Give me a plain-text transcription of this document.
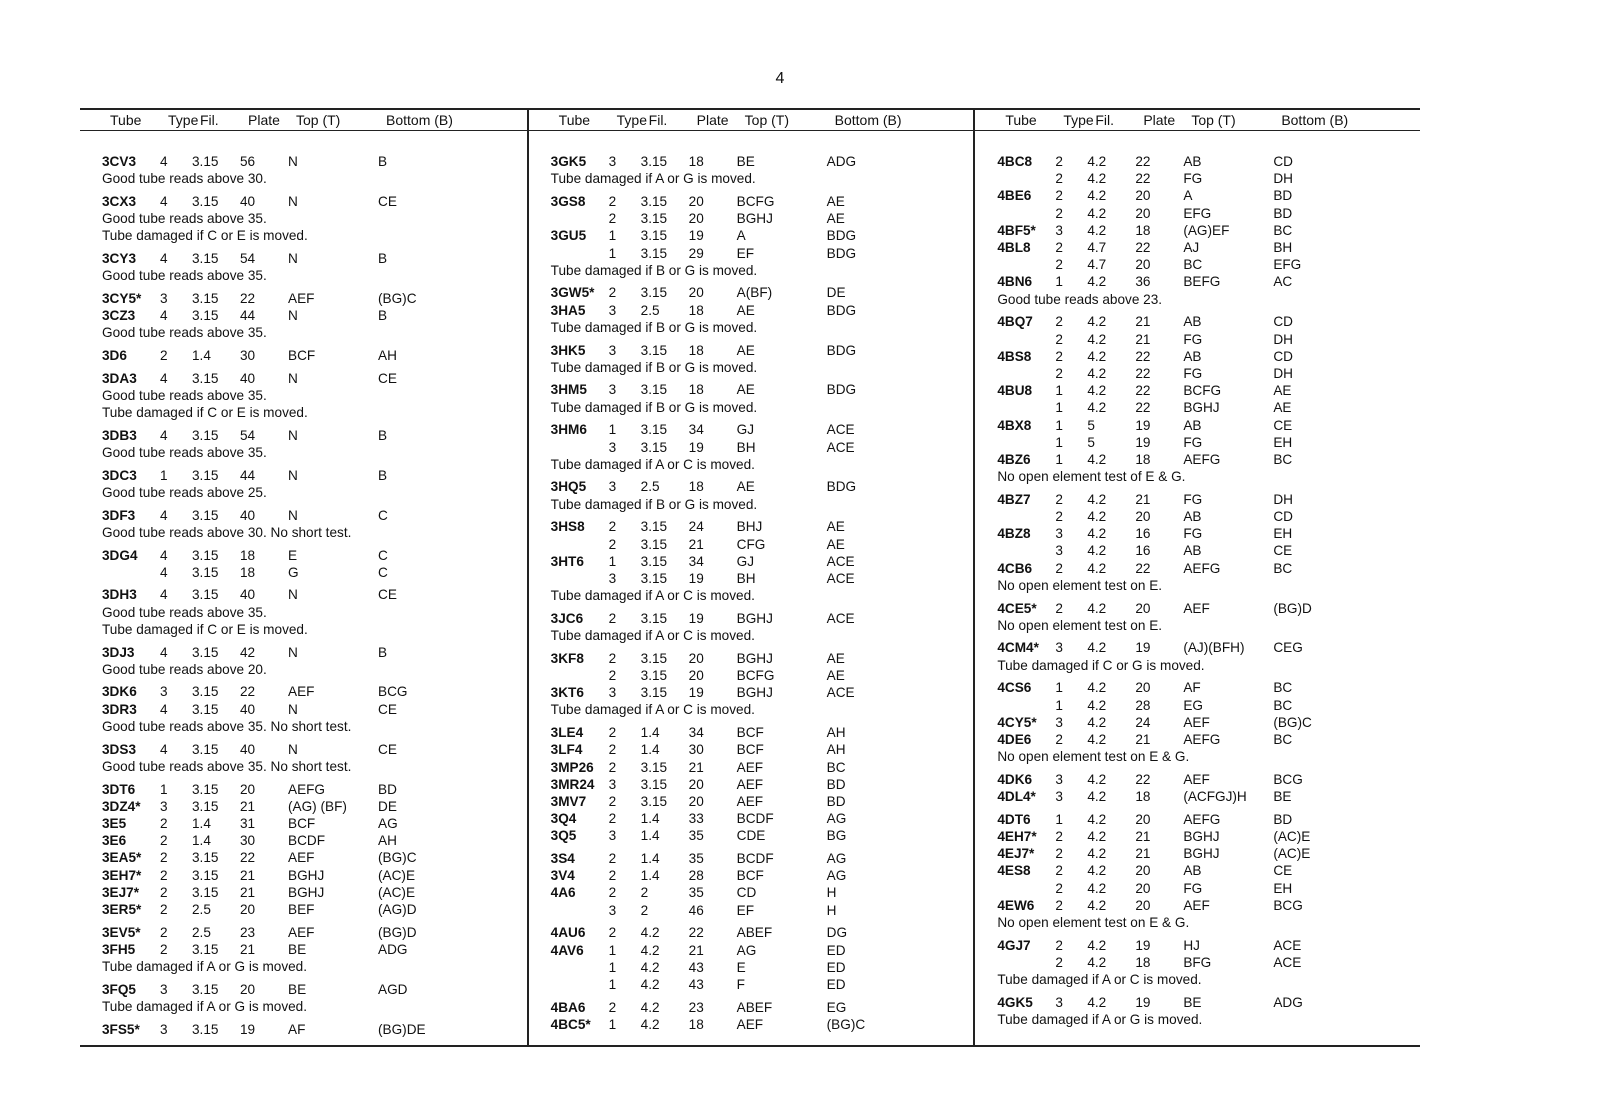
4
Tube	Type Fil.	Plate	Top (T)	Bottom (B)
3CV3	4	3.15	56	N	B
Good tube reads above 30.
3CX3	4	3.15	40	N	CE
Good tube reads above 35.
Tube damaged if C or E is moved.
3CY3	4	3.15	54	N	B
Good tube reads above 35.
3CY5*	3	3.15	22	AEF	(BG)C
3CZ3	4	3.15	44	N	B
Good tube reads above 35.
3D6	2	1.4	30	BCF	AH
3DA3	4	3.15	40	N	CE
Good tube reads above 35.
Tube damaged if C or E is moved.
3DB3	4	3.15	54	N	B
Good tube reads above 35.
3DC3	1	3.15	44	N	B
Good tube reads above 25.
3DF3	4	3.15	40	N	C
Good tube reads above 30. No short test.
3DG4	4	3.15	18	E	C
4	3.15	18	G	C
3DH3	4	3.15	40	N	CE
Good tube reads above 35.
Tube damaged if C or E is moved.
3DJ3	4	3.15	42	N	B
Good tube reads above 20.
3DK6	3	3.15	22	AEF	BCG
3DR3	4	3.15	40	N	CE
Good tube reads above 35. No short test.
3DS3	4	3.15	40	N	CE
Good tube reads above 35. No short test.
3DT6	1	3.15	20	AEFG	BD
3DZ4*	3	3.15	21	(AG) (BF)	DE
3E5	2	1.4	31	BCF	AG
3E6	2	1.4	30	BCDF	AH
3EA5*	2	3.15	22	AEF	(BG)C
3EH7*	2	3.15	21	BGHJ	(AC)E
3EJ7*	2	3.15	21	BGHJ	(AC)E
3ER5*	2	2.5	20	BEF	(AG)D
3EV5*	2	2.5	23	AEF	(BG)D
3FH5	2	3.15	21	BE	ADG
Tube damaged if A or G is moved.
3FQ5	3	3.15	20	BE	AGD
Tube damaged if A or G is moved.
3FS5*	3	3.15	19	AF	(BG)DE
Tube	Type Fil.	Plate	Top (T)	Bottom (B)
3GK5	3	3.15	18	BE	ADG
Tube damaged if A or G is moved.
3GS8	2	3.15	20	BCFG	AE
2	3.15	20	BGHJ	AE
3GU5	1	3.15	19	A	BDG
1	3.15	29	EF	BDG
Tube damaged if B or G is moved.
3GW5*	2	3.15	20	A(BF)	DE
3HA5	3	2.5	18	AE	BDG
Tube damaged if B or G is moved.
3HK5	3	3.15	18	AE	BDG
Tube damaged if B or G is moved.
3HM5	3	3.15	18	AE	BDG
Tube damaged if B or G is moved.
3HM6	1	3.15	34	GJ	ACE
3	3.15	19	BH	ACE
Tube damaged if A or C is moved.
3HQ5	3	2.5	18	AE	BDG
Tube damaged if B or G is moved.
3HS8	2	3.15	24	BHJ	AE
2	3.15	21	CFG	AE
3HT6	1	3.15	34	GJ	ACE
3	3.15	19	BH	ACE
Tube damaged if A or C is moved.
3JC6	2	3.15	19	BGHJ	ACE
Tube damaged if A or C is moved.
3KF8	2	3.15	20	BGHJ	AE
2	3.15	20	BCFG	AE
3KT6	3	3.15	19	BGHJ	ACE
Tube damaged if A or C is moved.
3LE4	2	1.4	34	BCF	AH
3LF4	2	1.4	30	BCF	AH
3MP26	2	3.15	21	AEF	BC
3MR24	3	3.15	20	AEF	BD
3MV7	2	3.15	20	AEF	BD
3Q4	2	1.4	33	BCDF	AG
3Q5	3	1.4	35	CDE	BG
3S4	2	1.4	35	BCDF	AG
3V4	2	1.4	28	BCF	AG
4A6	2	2	35	CD	H
3	2	46	EF	H
4AU6	2	4.2	22	ABEF	DG
4AV6	1	4.2	21	AG	ED
1	4.2	43	E	ED
1	4.2	43	F	ED
4BA6	2	4.2	23	ABEF	EG
4BC5*	1	4.2	18	AEF	(BG)C
Tube	Type Fil.	Plate	Top (T)	Bottom (B)
4BC8	2	4.2	22	AB	CD
2	4.2	22	FG	DH
4BE6	2	4.2	20	A	BD
2	4.2	20	EFG	BD
4BF5*	3	4.2	18	(AG)EF	BC
4BL8	2	4.7	22	AJ	BH
2	4.7	20	BC	EFG
4BN6	1	4.2	36	BEFG	AC
Good tube reads above 23.
4BQ7	2	4.2	21	AB	CD
2	4.2	21	FG	DH
4BS8	2	4.2	22	AB	CD
2	4.2	22	FG	DH
4BU8	1	4.2	22	BCFG	AE
1	4.2	22	BGHJ	AE
4BX8	1	5	19	AB	CE
1	5	19	FG	EH
4BZ6	1	4.2	18	AEFG	BC
No open element test of E & G.
4BZ7	2	4.2	21	FG	DH
2	4.2	20	AB	CD
4BZ8	3	4.2	16	FG	EH
3	4.2	16	AB	CE
4CB6	2	4.2	22	AEFG	BC
No open element test on E.
4CE5*	2	4.2	20	AEF	(BG)D
No open element test on E.
4CM4*	3	4.2	19	(AJ)(BFH)	CEG
Tube damaged if C or G is moved.
4CS6	1	4.2	20	AF	BC
1	4.2	28	EG	BC
4CY5*	3	4.2	24	AEF	(BG)C
4DE6	2	4.2	21	AEFG	BC
No open element test on E & G.
4DK6	3	4.2	22	AEF	BCG
4DL4*	3	4.2	18	(ACFGJ)H	BE
4DT6	1	4.2	20	AEFG	BD
4EH7*	2	4.2	21	BGHJ	(AC)E
4EJ7*	2	4.2	21	BGHJ	(AC)E
4ES8	2	4.2	20	AB	CE
2	4.2	20	FG	EH
4EW6	2	4.2	20	AEF	BCG
No open element test on E & G.
4GJ7	2	4.2	19	HJ	ACE
2	4.2	18	BFG	ACE
Tube damaged if A or C is moved.
4GK5	3	4.2	19	BE	ADG
Tube damaged if A or G is moved.
